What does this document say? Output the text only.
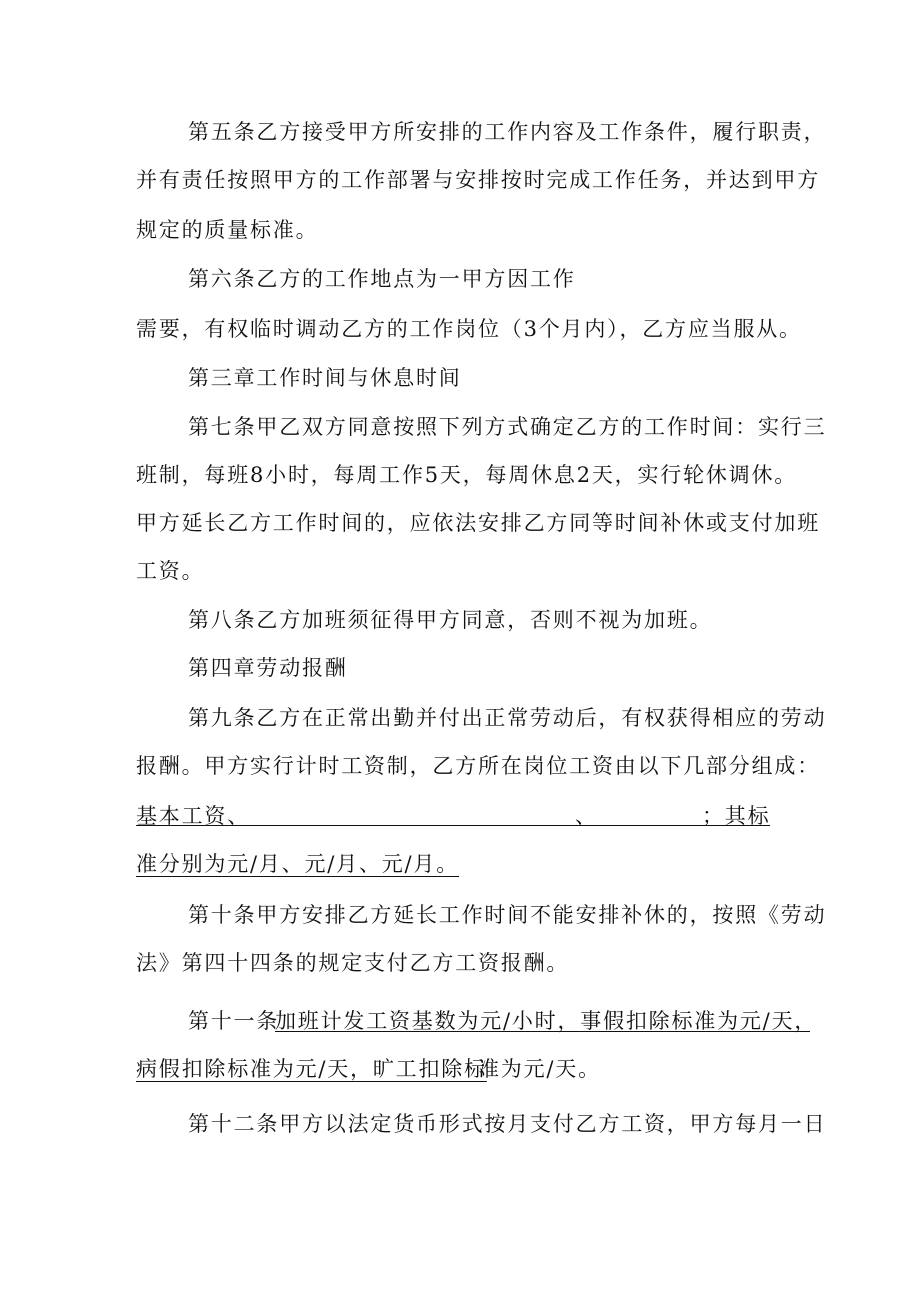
第五条乙方接受甲方所安排的工作内容及工作条件，履行职责，
并有责任按照甲方的工作部署与安排按时完成工作任务，并达到甲方
规定的质量标准。
第六条乙方的工作地点为一甲方因工作
需要，有权临时调动乙方的工作岗位（3个月内），乙方应当服从。
第三章工作时间与休息时间
第七条甲乙双方同意按照下列方式确定乙方的工作时间：实行三
班制，每班8小时，每周工作5天，每周休息2天，实行轮休调休。
甲方延长乙方工作时间的，应依法安排乙方同等时间补休或支付加班
工资。
第八条乙方加班须征得甲方同意，否则不视为加班。
第四章劳动报酬
第九条乙方在正常出勤并付出正常劳动后，有权获得相应的劳动
报酬。甲方实行计时工资制，乙方所在岗位工资由以下几部分组成：
基本工资、	、	；其标
准分别为元/月、元/月、元/月。
第十条甲方安排乙方延长工作时间不能安排补休的，按照《劳动
法》第四十四条的规定支付乙方工资报酬。
第十一条
加班计发工资基数为元/小时，事假扣除标准为元/天，
病假扣除标准为元/天，旷工扣除标
准为元/天。
第十二条甲方以法定货币形式按月支付乙方工资，甲方每月一日
